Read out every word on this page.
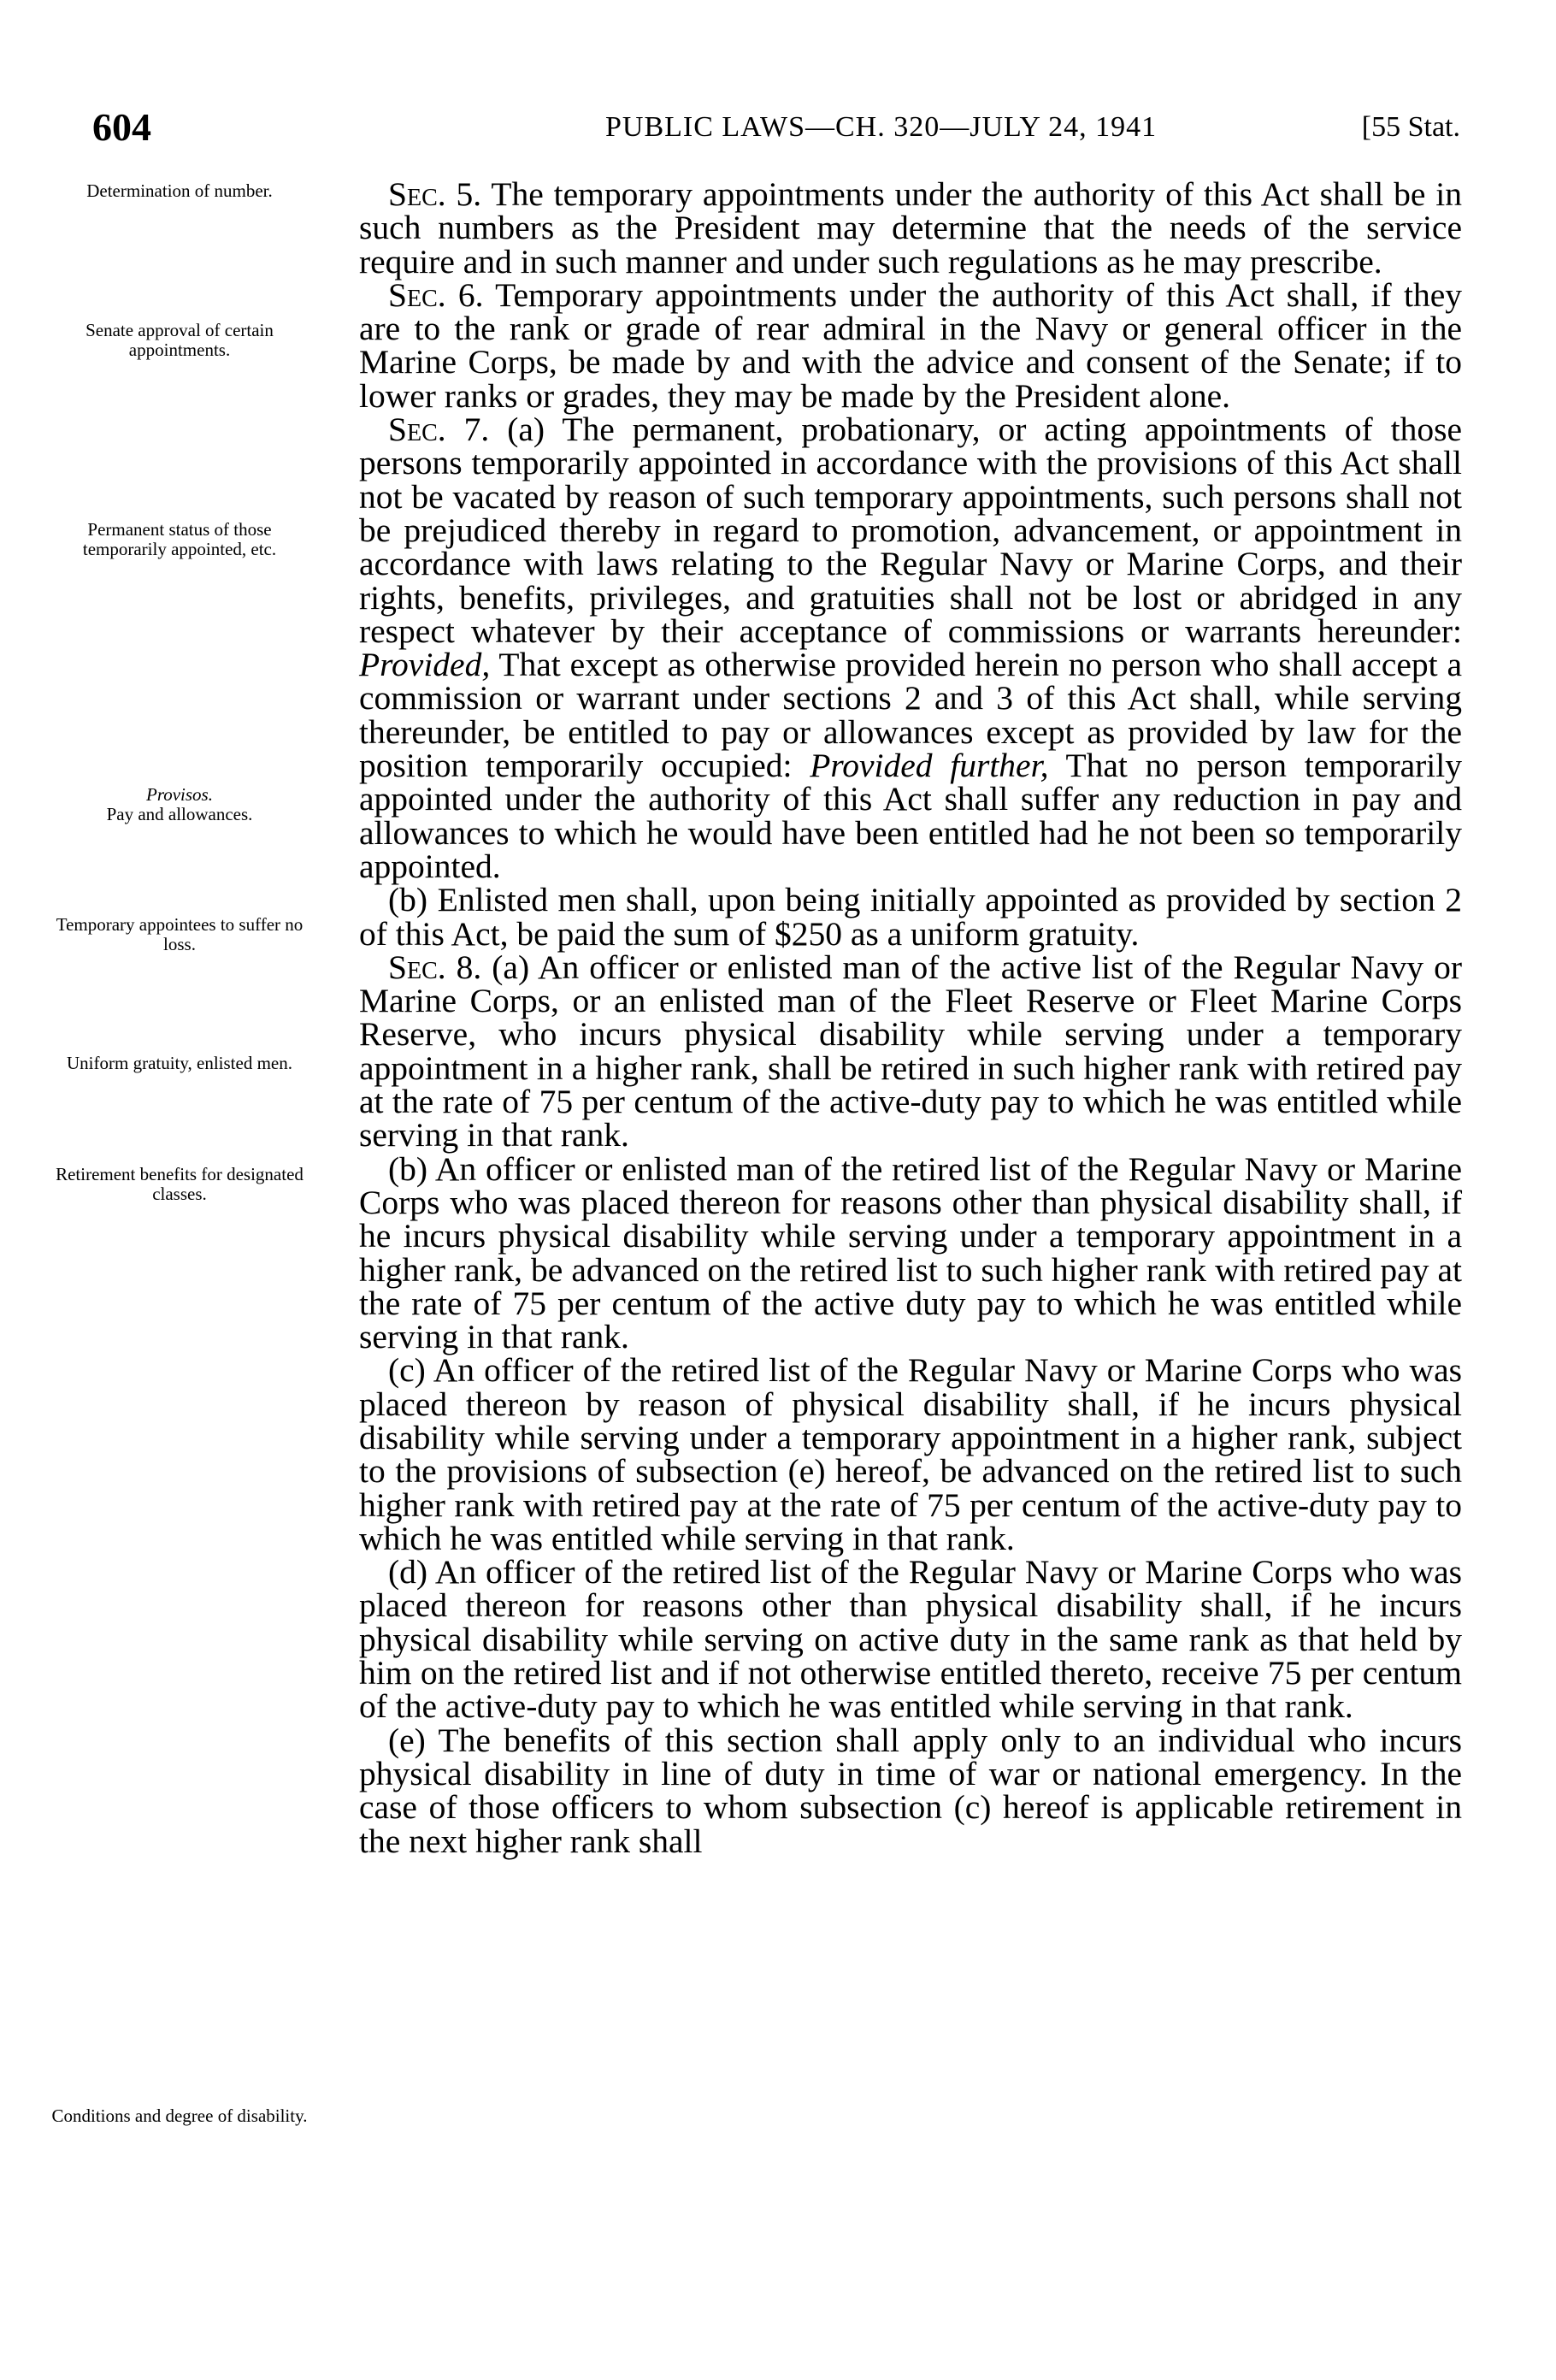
604	PUBLIC LAWS—CH. 320—JULY 24, 1941	[55 Stat.
Determination of number.
Senate approval of certain appointments.
Permanent status of those temporarily appointed, etc.
Provisos.
Pay and allowances.
Temporary appointees to suffer no loss.
Uniform gratuity, enlisted men.
Retirement benefits for designated classes.
Conditions and degree of disability.

Sec. 5. The temporary appointments under the authority of this Act shall be in such numbers as the President may determine that the needs of the service require and in such manner and under such regulations as he may prescribe.

Sec. 6. Temporary appointments under the authority of this Act shall, if they are to the rank or grade of rear admiral in the Navy or general officer in the Marine Corps, be made by and with the advice and consent of the Senate; if to lower ranks or grades, they may be made by the President alone.

Sec. 7. (a) The permanent, probationary, or acting appointments of those persons temporarily appointed in accordance with the provisions of this Act shall not be vacated by reason of such temporary appointments, such persons shall not be prejudiced thereby in regard to promotion, advancement, or appointment in accordance with laws relating to the Regular Navy or Marine Corps, and their rights, benefits, privileges, and gratuities shall not be lost or abridged in any respect whatever by their acceptance of commissions or warrants hereunder: Provided, That except as otherwise provided herein no person who shall accept a commission or warrant under sections 2 and 3 of this Act shall, while serving thereunder, be entitled to pay or allowances except as provided by law for the position temporarily occupied: Provided further, That no person temporarily appointed under the authority of this Act shall suffer any reduction in pay and allowances to which he would have been entitled had he not been so temporarily appointed.

(b) Enlisted men shall, upon being initially appointed as provided by section 2 of this Act, be paid the sum of $250 as a uniform gratuity.

Sec. 8. (a) An officer or enlisted man of the active list of the Regular Navy or Marine Corps, or an enlisted man of the Fleet Reserve or Fleet Marine Corps Reserve, who incurs physical disability while serving under a temporary appointment in a higher rank, shall be retired in such higher rank with retired pay at the rate of 75 per centum of the active-duty pay to which he was entitled while serving in that rank.

(b) An officer or enlisted man of the retired list of the Regular Navy or Marine Corps who was placed thereon for reasons other than physical disability shall, if he incurs physical disability while serving under a temporary appointment in a higher rank, be advanced on the retired list to such higher rank with retired pay at the rate of 75 per centum of the active duty pay to which he was entitled while serving in that rank.

(c) An officer of the retired list of the Regular Navy or Marine Corps who was placed thereon by reason of physical disability shall, if he incurs physical disability while serving under a temporary appointment in a higher rank, subject to the provisions of subsection (e) hereof, be advanced on the retired list to such higher rank with retired pay at the rate of 75 per centum of the active-duty pay to which he was entitled while serving in that rank.

(d) An officer of the retired list of the Regular Navy or Marine Corps who was placed thereon for reasons other than physical disability shall, if he incurs physical disability while serving on active duty in the same rank as that held by him on the retired list and if not otherwise entitled thereto, receive 75 per centum of the active-duty pay to which he was entitled while serving in that rank.

(e) The benefits of this section shall apply only to an individual who incurs physical disability in line of duty in time of war or national emergency. In the case of those officers to whom subsection (c) hereof is applicable retirement in the next higher rank shall
